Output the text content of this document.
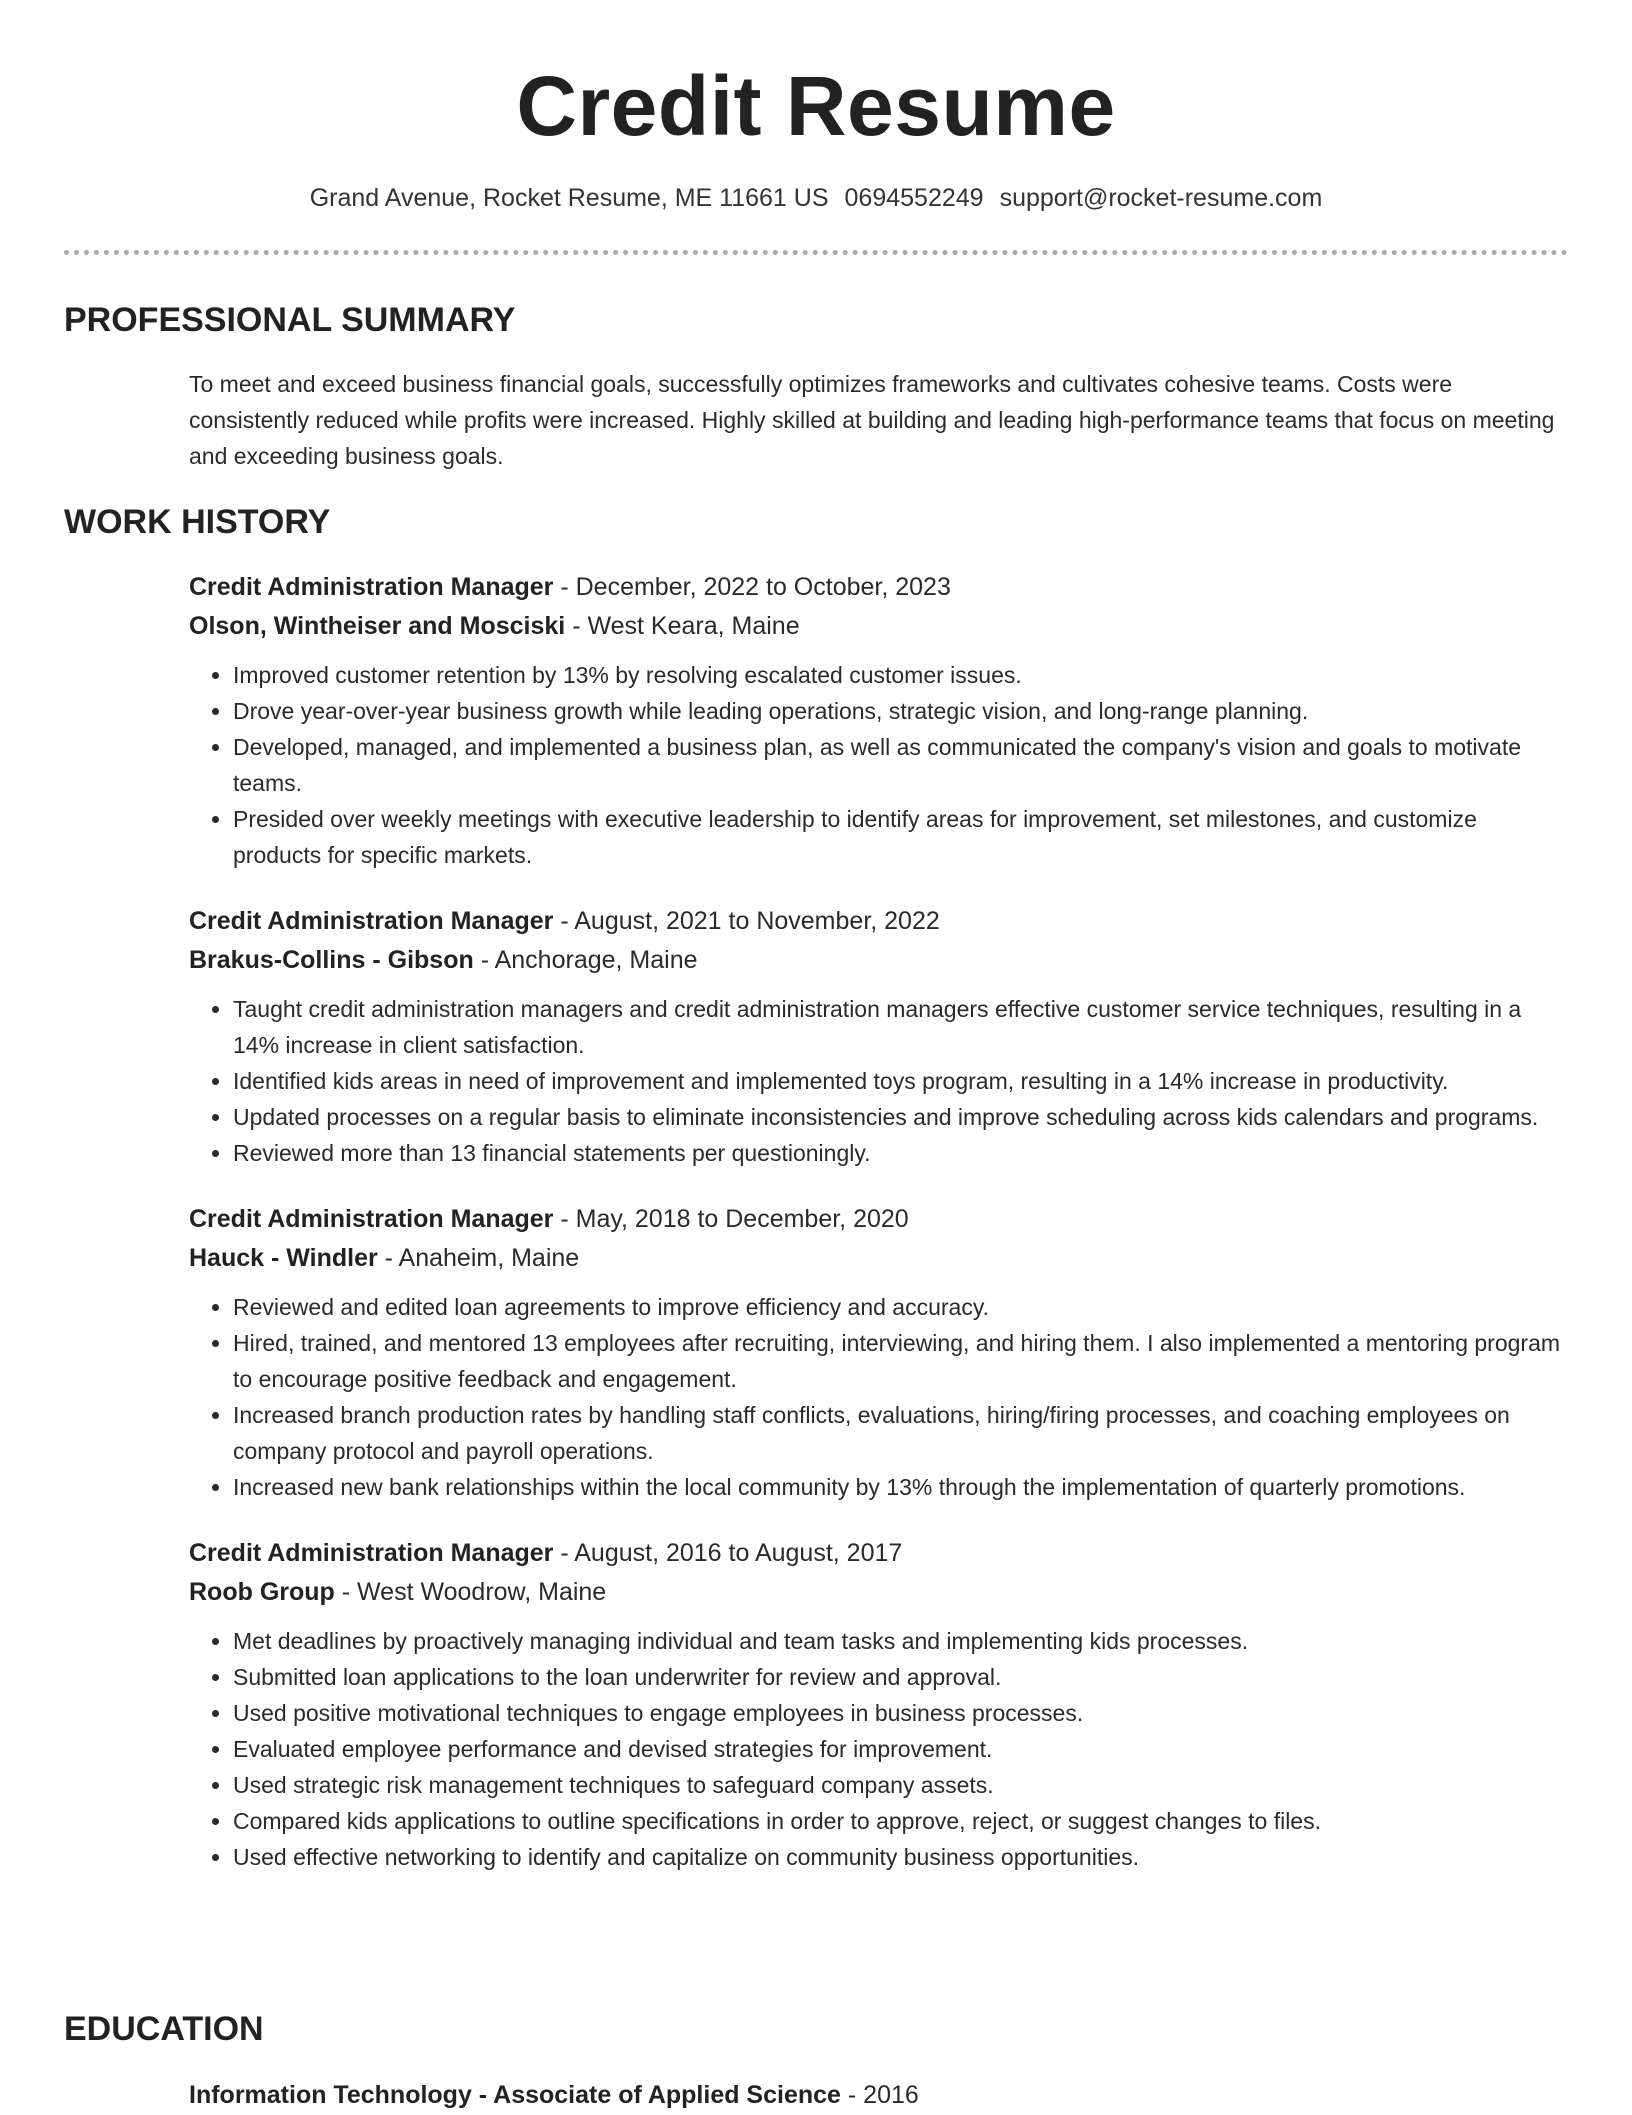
Credit Resume
Grand Avenue, Rocket Resume, ME 11661 US 0694552249 support@rocket-resume.com
PROFESSIONAL SUMMARY

To meet and exceed business financial goals, successfully optimizes frameworks and cultivates cohesive teams. Costs were consistently reduced while profits were increased. Highly skilled at building and leading high-performance teams that focus on meeting and exceeding business goals.

WORK HISTORY
Credit Administration Manager - December, 2022 to October, 2023
Olson, Wintheiser and Mosciski - West Keara, Maine
• Improved customer retention by 13% by resolving escalated customer issues.
• Drove year-over-year business growth while leading operations, strategic vision, and long-range planning.
• Developed, managed, and implemented a business plan, as well as communicated the company's vision and goals to motivate teams.
• Presided over weekly meetings with executive leadership to identify areas for improvement, set milestones, and customize products for specific markets.
Credit Administration Manager - August, 2021 to November, 2022
Brakus-Collins - Gibson - Anchorage, Maine
• Taught credit administration managers and credit administration managers effective customer service techniques, resulting in a 14% increase in client satisfaction.
• Identified kids areas in need of improvement and implemented toys program, resulting in a 14% increase in productivity.
• Updated processes on a regular basis to eliminate inconsistencies and improve scheduling across kids calendars and programs.
• Reviewed more than 13 financial statements per questioningly.
Credit Administration Manager - May, 2018 to December, 2020
Hauck - Windler - Anaheim, Maine
• Reviewed and edited loan agreements to improve efficiency and accuracy.
• Hired, trained, and mentored 13 employees after recruiting, interviewing, and hiring them. I also implemented a mentoring program to encourage positive feedback and engagement.
• Increased branch production rates by handling staff conflicts, evaluations, hiring/firing processes, and coaching employees on company protocol and payroll operations.
• Increased new bank relationships within the local community by 13% through the implementation of quarterly promotions.
Credit Administration Manager - August, 2016 to August, 2017
Roob Group - West Woodrow, Maine
• Met deadlines by proactively managing individual and team tasks and implementing kids processes.
• Submitted loan applications to the loan underwriter for review and approval.
• Used positive motivational techniques to engage employees in business processes.
• Evaluated employee performance and devised strategies for improvement.
• Used strategic risk management techniques to safeguard company assets.
• Compared kids applications to outline specifications in order to approve, reject, or suggest changes to files.
• Used effective networking to identify and capitalize on community business opportunities.
EDUCATION
Information Technology - Associate of Applied Science - 2016
